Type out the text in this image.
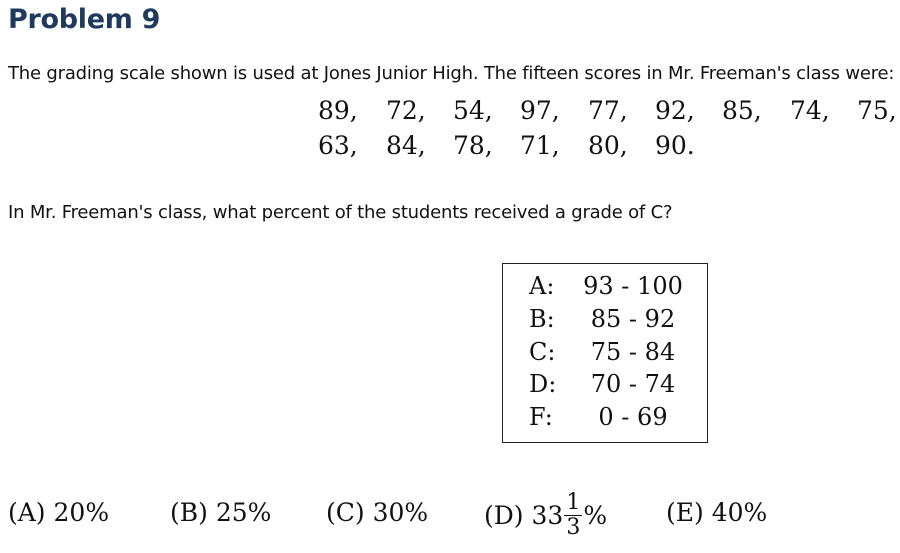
Problem 9
The grading scale shown is used at Jones Junior High. The fifteen scores in Mr. Freeman's class were:
89, 72, 54, 97, 77, 92, 85, 74, 75,
63, 84, 78, 71, 80, 90.
In Mr. Freeman's class, what percent of the students received a grade of C?
A:	93 - 100
B:	85 - 92
C:	75 - 84
D:	70 - 74
F:	0 - 69
(A) 20% (B) 25% (C) 30% (D) $33 \frac{1}{3}$ % (E) 40%
